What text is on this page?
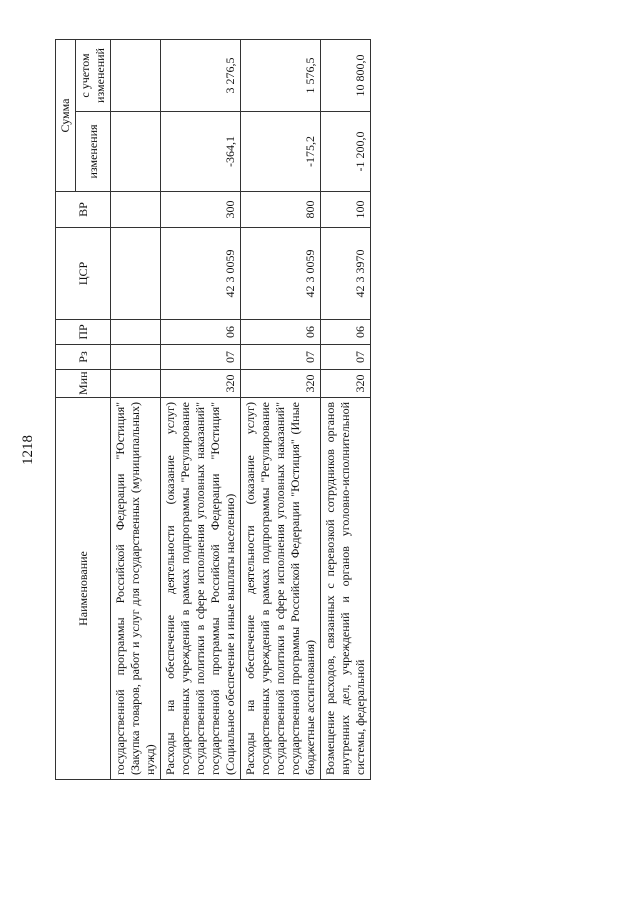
1218
Наименование	Мин	Рз	ПР	ЦСР	ВР	Сумма	
						изменения	с учетом изменений
государственной программы Российской Федерации "Юстиция" (Закупка товаров, работ и услуг для государственных (муниципальных) нужд)	

Расходы на обеспечение деятельности (оказание услуг) государственных учреждений в рамках подпрограммы "Регулирование государственной политики в сфере исполнения уголовных наказаний" государственной программы Российской Федерации "Юстиция" (Социальное обеспечение и иные выплаты населению)	320	07	06	42 3 0059	300	-364,1	3 276,5

Расходы на обеспечение деятельности (оказание услуг) государственных учреждений в рамках подпрограммы "Регулирование государственной политики в сфере исполнения уголовных наказаний" государственной программы Российской Федерации "Юстиция" (Иные бюджетные ассигнования)	320	07	06	42 3 0059	800	-175,2	1 576,5

Возмещение расходов, связанных с перевозкой сотрудников органов внутренних дел, учреждений и органов уголовно-исполнительной системы, федеральной	320	07	06	42 3 3970	100	-1 200,0	10 800,0
